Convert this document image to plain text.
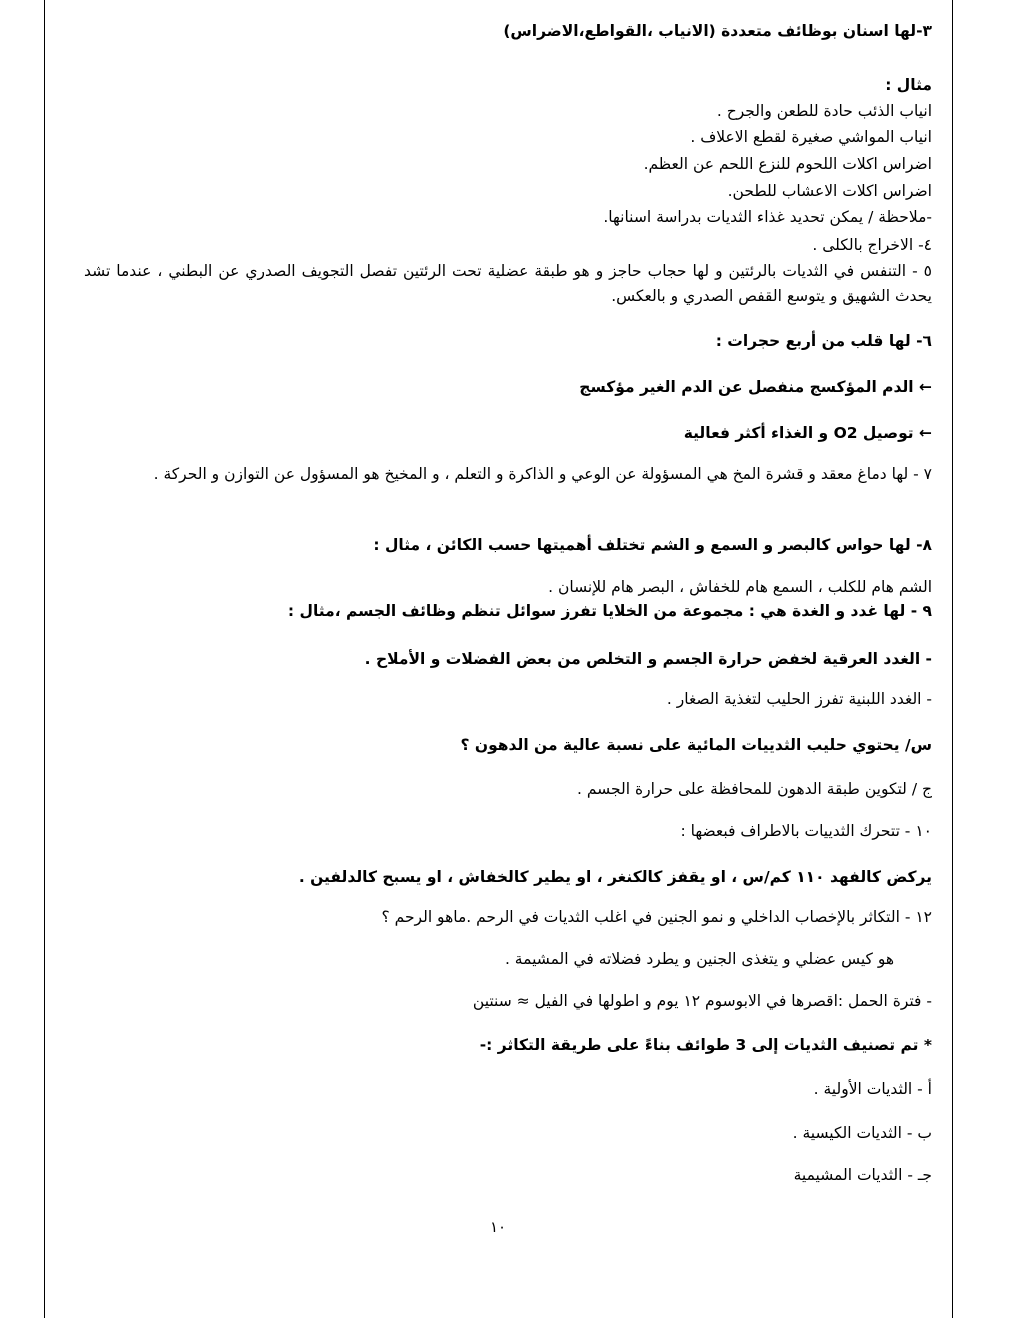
٣-لها اسنان بوظائف متعددة (الانياب ،القواطع،الاضراس)
مثال :
انياب الذئب حادة للطعن والجرح .
انياب المواشي صغيرة لقطع الاعلاف .
اضراس اكلات اللحوم للنزع اللحم عن العظم.
اضراس اكلات الاعشاب للطحن.
-ملاحظة / يمكن تحديد غذاء الثديات بدراسة اسنانها.
٤- الاخراج بالكلى .
٥ - التنفس في الثديات بالرئتين و لها حجاب حاجز و هو طبقة عضلية تحت الرئتين تفصل التجويف الصدري عن البطني ، عندما تشد يحدث الشهيق و يتوسع القفص الصدري و بالعكس.
٦- لها قلب من أربع حجرات :
← الدم المؤكسج منفصل عن الدم الغير مؤكسج
← توصيل O2 و الغذاء أكثر فعالية
٧ - لها دماغ معقد و قشرة المخ هي المسؤولة عن الوعي و الذاكرة و التعلم ، و المخيخ هو المسؤول عن التوازن و الحركة .
٨- لها حواس كالبصر و السمع و الشم تختلف أهميتها حسب الكائن ، مثال :
الشم هام للكلب ، السمع هام للخفاش ، البصر هام للإنسان .
٩ - لها غدد و الغدة هي : مجموعة من الخلايا تفرز سوائل تنظم وظائف الجسم ،مثال :
- الغدد العرقية لخفض حرارة الجسم و التخلص من بعض الفضلات و الأملاح .
- الغدد اللبنية تفرز الحليب لتغذية الصغار .
س/ يحتوي حليب الثدييات المائية على نسبة عالية من الدهون ؟
ج / لتكوين طبقة الدهون للمحافظة على حرارة الجسم .
١٠ - تتحرك الثدييات بالاطراف فبعضها :
يركض كالفهد ١١٠ كم/س ، او يقفز كالكنغر ، او يطير كالخفاش ، او يسبح كالدلفين .
١٢ - التكاثر بالإخصاب الداخلي و نمو الجنين في اغلب الثديات في الرحم .ماهو الرحم ؟
هو كيس عضلي و يتغذى الجنين و يطرد فضلاته في المشيمة .
- فترة الحمل :اقصرها في الابوسوم ١٢ يوم و اطولها في الفيل ≈ سنتين
* تم تصنيف الثديات إلى 3 طوائف بناءً على طريقة التكاثر :-
أ - الثديات الأولية .
ب - الثديات الكيسية .
جـ - الثديات المشيمية
١٠
